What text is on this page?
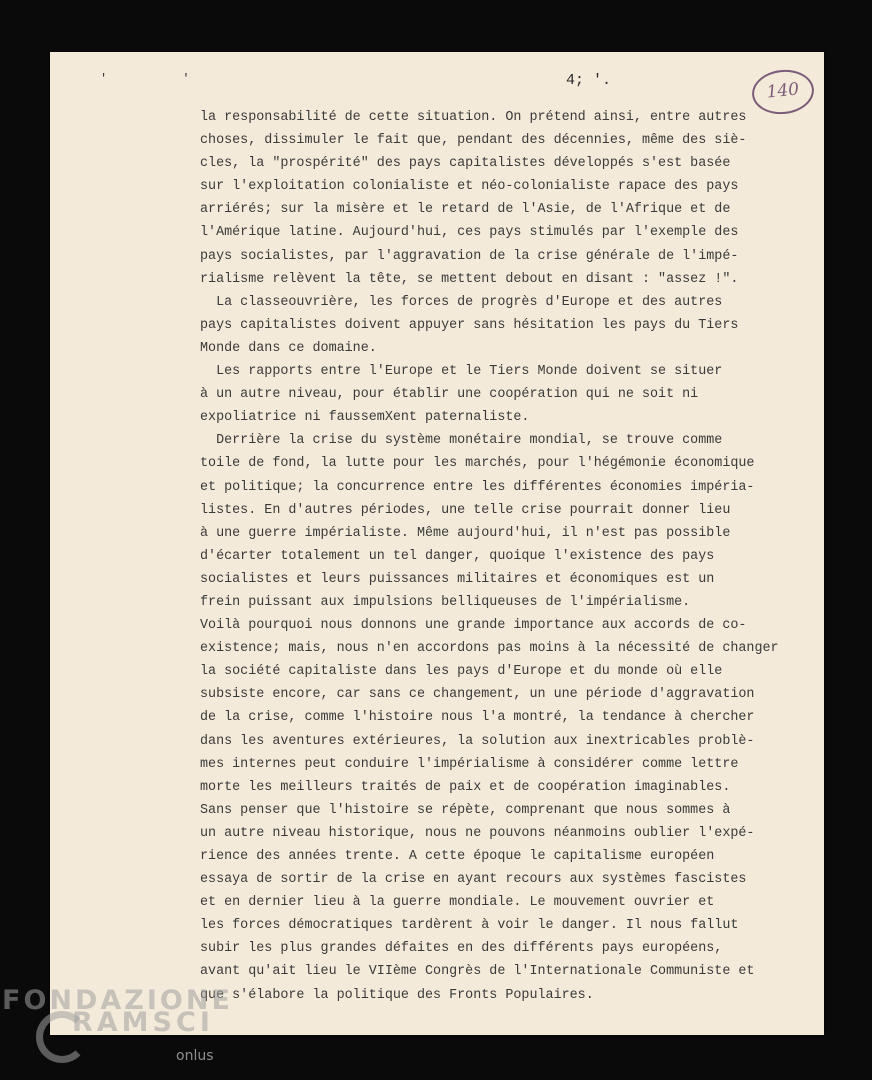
' '	4; '.	140
la responsabilité de cette situation. On prétend ainsi, entre autres
choses, dissimuler le fait que, pendant des décennies, même des siè-
cles, la "prospérité" des pays capitalistes développés s'est basée
sur l'exploitation colonialiste et néo-colonialiste rapace des pays
arriérés; sur la misère et le retard de l'Asie, de l'Afrique et de
l'Amérique latine. Aujourd'hui, ces pays stimulés par l'exemple des
pays socialistes, par l'aggravation de la crise générale de l'impé-
rialisme relèvent la tête, se mettent debout en disant : "assez !".
La classeouvrière, les forces de progrès d'Europe et des autres
pays capitalistes doivent appuyer sans hésitation les pays du Tiers
Monde dans ce domaine.
Les rapports entre l'Europe et le Tiers Monde doivent se situer
à un autre niveau, pour établir une coopération qui ne soit ni
expoliatrice ni faussemXent paternaliste.
Derrière la crise du système monétaire mondial, se trouve comme
toile de fond, la lutte pour les marchés, pour l'hégémonie économique
et politique; la concurrence entre les différentes économies impéria-
listes. En d'autres périodes, une telle crise pourrait donner lieu
à une guerre impérialiste. Même aujourd'hui, il n'est pas possible
d'écarter totalement un tel danger, quoique l'existence des pays
socialistes et leurs puissances militaires et économiques est un
frein puissant aux impulsions belliqueuses de l'impérialisme.
Voilà pourquoi nous donnons une grande importance aux accords de co-
existence; mais, nous n'en accordons pas moins à la nécessité de changer
la société capitaliste dans les pays d'Europe et du monde où elle
subsiste encore, car sans ce changement, un une période d'aggravation
de la crise, comme l'histoire nous l'a montré, la tendance à chercher
dans les aventures extérieures, la solution aux inextricables problè-
mes internes peut conduire l'impérialisme à considérer comme lettre
morte les meilleurs traités de paix et de coopération imaginables.
Sans penser que l'histoire se répète, comprenant que nous sommes à
un autre niveau historique, nous ne pouvons néanmoins oublier l'expé-
rience des années trente. A cette époque le capitalisme européen
essaya de sortir de la crise en ayant recours aux systèmes fascistes
et en dernier lieu à la guerre mondiale. Le mouvement ouvrier et
les forces démocratiques tardèrent à voir le danger. Il nous fallut
subir les plus grandes défaites en des différents pays européens,
avant qu'ait lieu le VIIème Congrès de l'Internationale Communiste et
que s'élabore la politique des Fronts Populaires.
FONDAZIONE
RAMSCI
onlus
